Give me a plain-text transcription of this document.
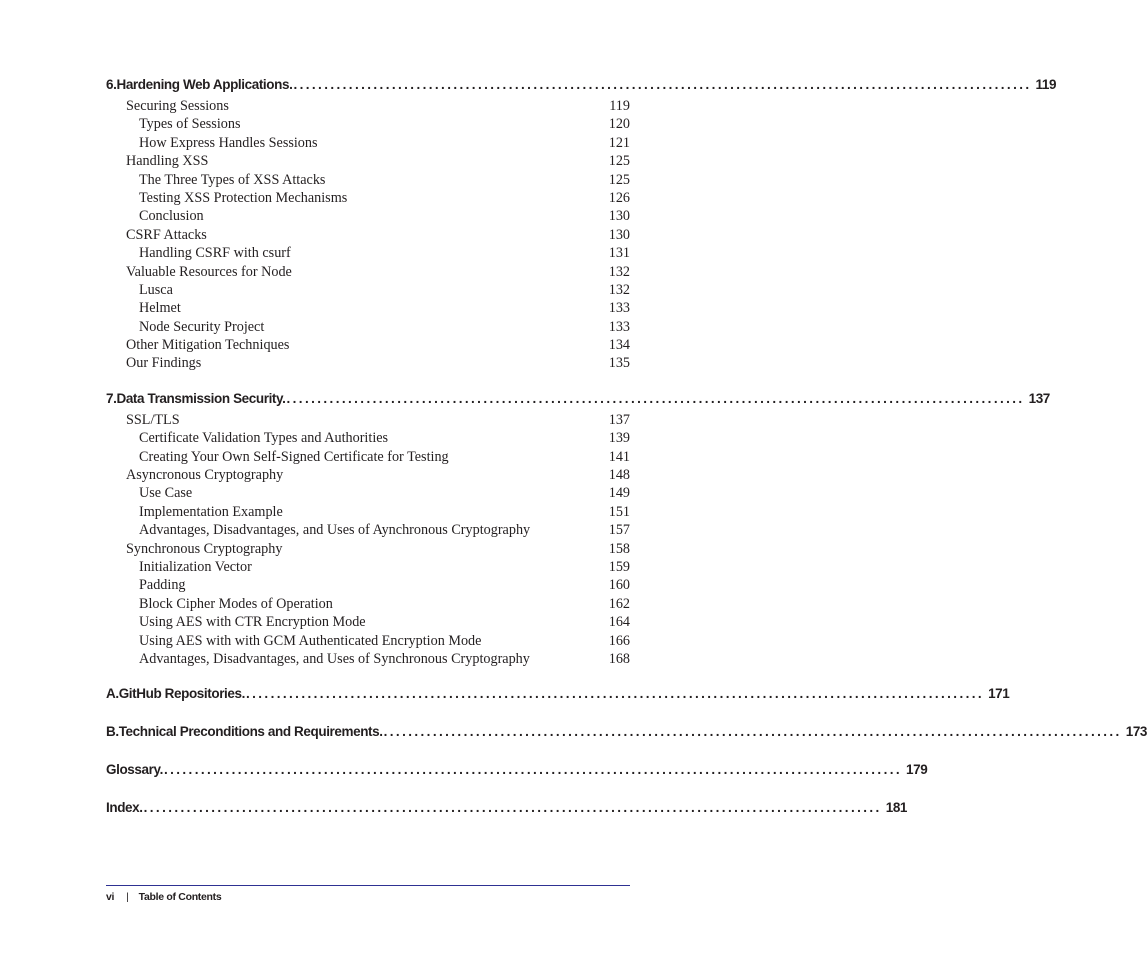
6. Hardening Web Applications. ........................................................................................................................ 119
Securing Sessions	119
Types of Sessions	120
How Express Handles Sessions	121
Handling XSS	125
The Three Types of XSS Attacks	125
Testing XSS Protection Mechanisms	126
Conclusion	130
CSRF Attacks	130
Handling CSRF with csurf	131
Valuable Resources for Node	132
Lusca	132
Helmet	133
Node Security Project	133
Other Mitigation Techniques	134
Our Findings	135
7. Data Transmission Security. ........................................................................................................................ 137
SSL/TLS	137
Certificate Validation Types and Authorities	139
Creating Your Own Self-Signed Certificate for Testing	141
Asyncronous Cryptography	148
Use Case	149
Implementation Example	151
Advantages, Disadvantages, and Uses of Aynchronous Cryptography	157
Synchronous Cryptography	158
Initialization Vector	159
Padding	160
Block Cipher Modes of Operation	162
Using AES with CTR Encryption Mode	164
Using AES with with GCM Authenticated Encryption Mode	166
Advantages, Disadvantages, and Uses of Synchronous Cryptography	168
A. GitHub Repositories. ........................................................................................................................ 171
B. Technical Preconditions and Requirements. ........................................................................................................................ 173
Glossary. ........................................................................................................................ 179
Index. ........................................................................................................................ 181
vi | Table of Contents
